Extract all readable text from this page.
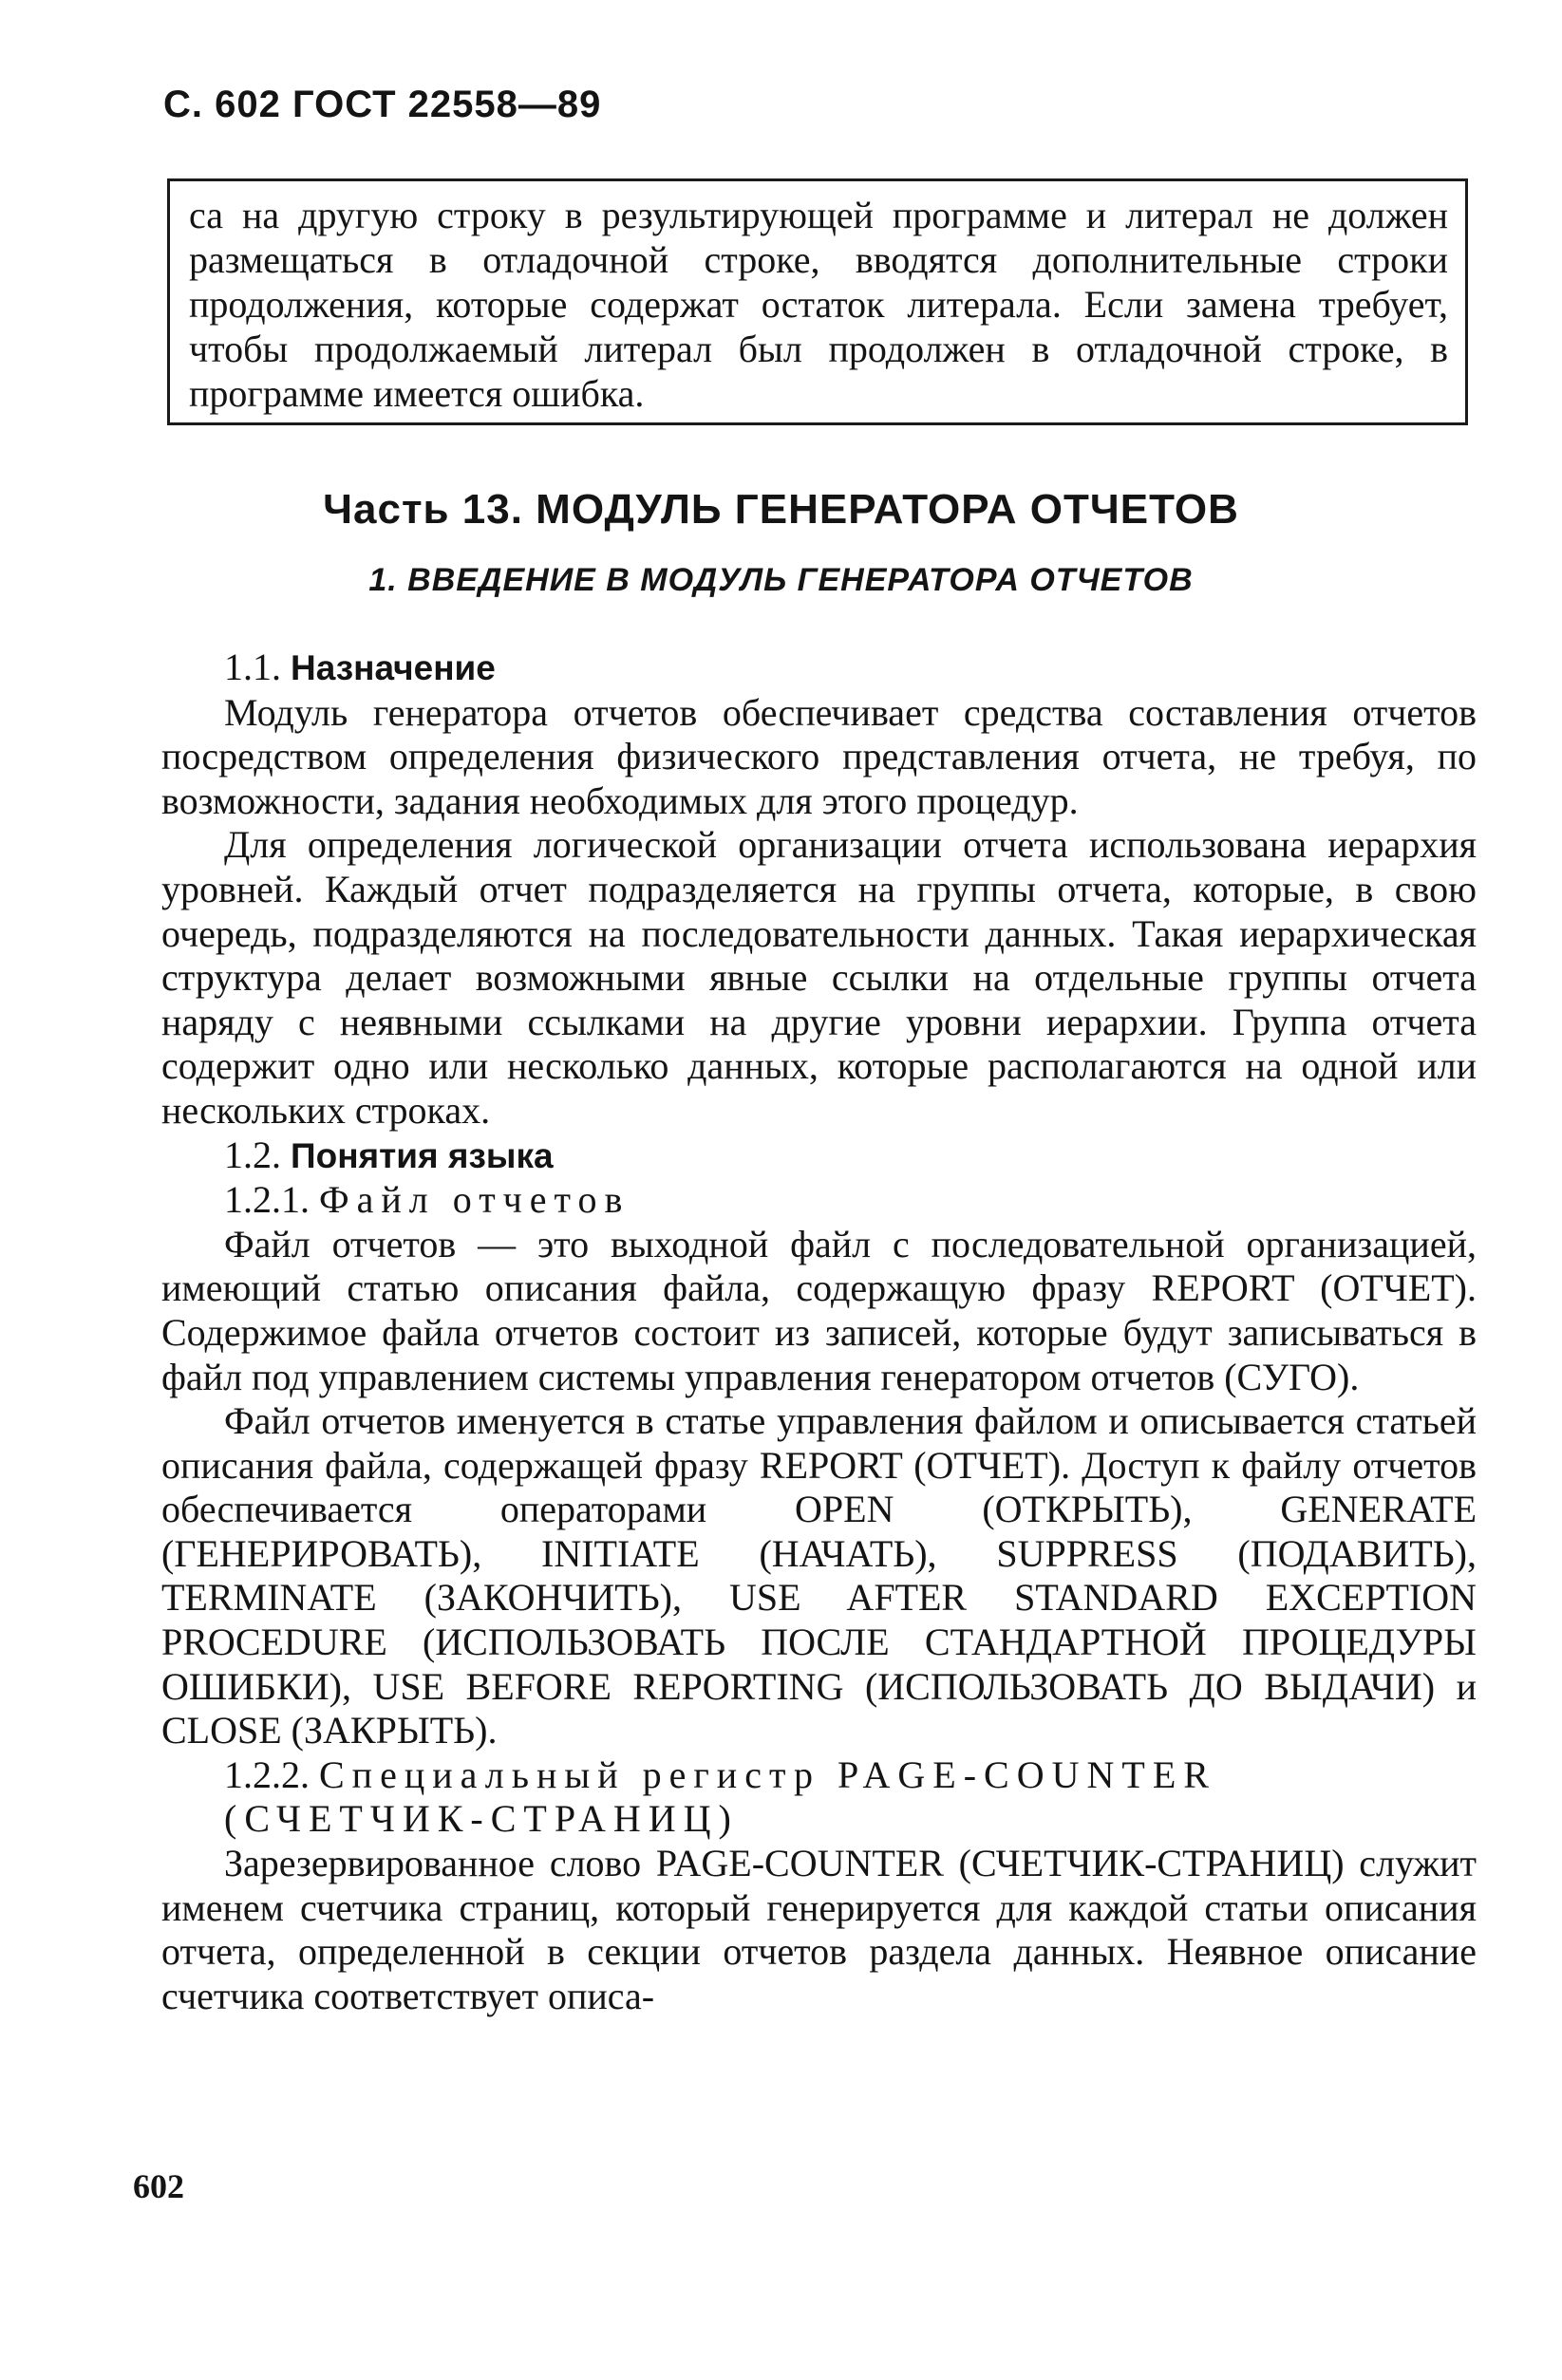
С. 602 ГОСТ 22558—89
са на другую строку в результирующей программе и литерал не должен размещаться в отладочной строке, вводятся дополнительные строки продолжения, которые содержат остаток литерала. Если замена требует, чтобы продолжаемый литерал был продолжен в отладочной строке, в программе имеется ошибка.
Часть 13. МОДУЛЬ ГЕНЕРАТОРА ОТЧЕТОВ
1. ВВЕДЕНИЕ В МОДУЛЬ ГЕНЕРАТОРА ОТЧЕТОВ
1.1. Назначение

Модуль генератора отчетов обеспечивает средства составления отчетов посредством определения физического представления отчета, не требуя, по возможности, задания необходимых для этого процедур.

Для определения логической организации отчета использована иерархия уровней. Каждый отчет подразделяется на группы отчета, которые, в свою очередь, подразделяются на последовательности данных. Такая иерархическая структура делает возможными явные ссылки на отдельные группы отчета наряду с неявными ссылками на другие уровни иерархии. Группа отчета содержит одно или несколько данных, которые располагаются на одной или нескольких строках.

1.2. Понятия языка
1.2.1. Файл отчетов

Файл отчетов — это выходной файл с последовательной организацией, имеющий статью описания файла, содержащую фразу REPORT (ОТЧЕТ). Содержимое файла отчетов состоит из записей, которые будут записываться в файл под управлением системы управления генератором отчетов (СУГО).

Файл отчетов именуется в статье управления файлом и описывается статьей описания файла, содержащей фразу REPORT (ОТЧЕТ). Доступ к файлу отчетов обеспечивается операторами OPEN (ОТКРЫТЬ), GENERATE (ГЕНЕРИРОВАТЬ), INITIATE (НАЧАТЬ), SUPPRESS (ПОДАВИТЬ), TERMINATE (ЗАКОНЧИТЬ), USE AFTER STANDARD EXCEPTION PROCEDURE (ИСПОЛЬЗОВАТЬ ПОСЛЕ СТАНДАРТНОЙ ПРОЦЕДУРЫ ОШИБКИ), USE BEFORE REPORTING (ИСПОЛЬЗОВАТЬ ДО ВЫДАЧИ) и CLOSE (ЗАКРЫТЬ).

1.2.2. Специальный регистр PAGE-COUNTER (СЧЕТЧИК-СТРАНИЦ)

Зарезервированное слово PAGE-COUNTER (СЧЕТЧИК-СТРАНИЦ) служит именем счетчика страниц, который генерируется для каждой статьи описания отчета, определенной в секции отчетов раздела данных. Неявное описание счетчика соответствует описа-

602
